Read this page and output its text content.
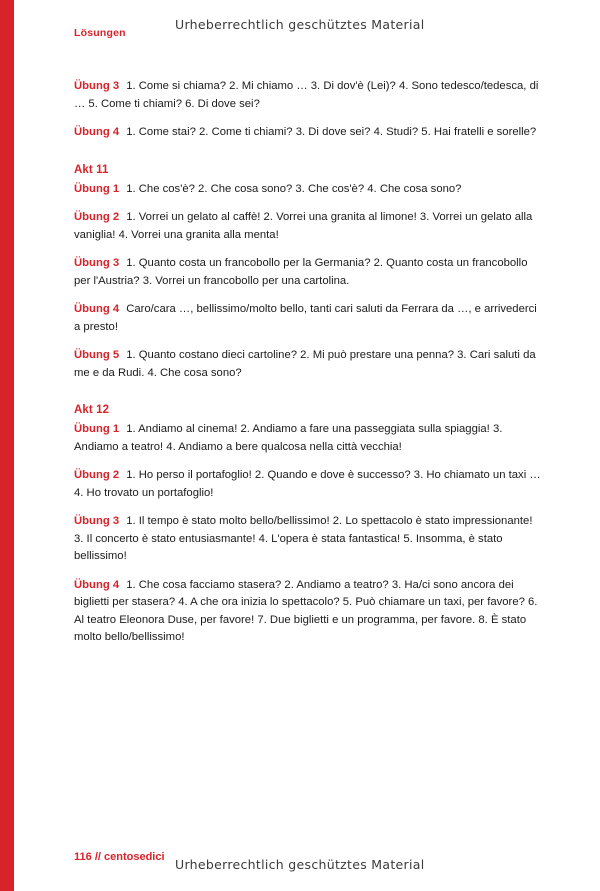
Lösungen
Urheberrechtlich geschütztes Material
Übung 3 1. Come si chiama? 2. Mi chiamo … 3. Di dov'è (Lei)? 4. Sono tedesco/tedesca, di … 5. Come ti chiami? 6. Di dove sei?
Übung 4 1. Come stai? 2. Come ti chiami? 3. Di dove sei? 4. Studi? 5. Hai fratelli e sorelle?
Akt 11
Übung 1 1. Che cos'è? 2. Che cosa sono? 3. Che cos'è? 4. Che cosa sono?
Übung 2 1. Vorrei un gelato al caffè! 2. Vorrei una granita al limone! 3. Vorrei un gelato alla vaniglia! 4. Vorrei una granita alla menta!
Übung 3 1. Quanto costa un francobollo per la Germania? 2. Quanto costa un francobollo per l'Austria? 3. Vorrei un francobollo per una cartolina.
Übung 4 Caro/cara …, bellissimo/molto bello, tanti cari saluti da Ferrara da …, e arrivederci a presto!
Übung 5 1. Quanto costano dieci cartoline? 2. Mi può prestare una penna? 3. Cari saluti da me e da Rudi. 4. Che cosa sono?
Akt 12
Übung 1 1. Andiamo al cinema! 2. Andiamo a fare una passeggiata sulla spiaggia! 3. Andiamo a teatro! 4. Andiamo a bere qualcosa nella città vecchia!
Übung 2 1. Ho perso il portafoglio! 2. Quando e dove è successo? 3. Ho chiamato un taxi … 4. Ho trovato un portafoglio!
Übung 3 1. Il tempo è stato molto bello/bellissimo! 2. Lo spettacolo è stato impressionante! 3. Il concerto è stato entusiasmante! 4. L'opera è stata fantastica! 5. Insomma, è stato bellissimo!
Übung 4 1. Che cosa facciamo stasera? 2. Andiamo a teatro? 3. Ha/ci sono ancora dei biglietti per stasera? 4. A che ora inizia lo spettacolo? 5. Può chiamare un taxi, per favore? 6. Al teatro Eleonora Duse, per favore! 7. Due biglietti e un programma, per favore. 8. È stato molto bello/bellissimo!
116 // centosedici Urheberrechtlich geschütztes Material
